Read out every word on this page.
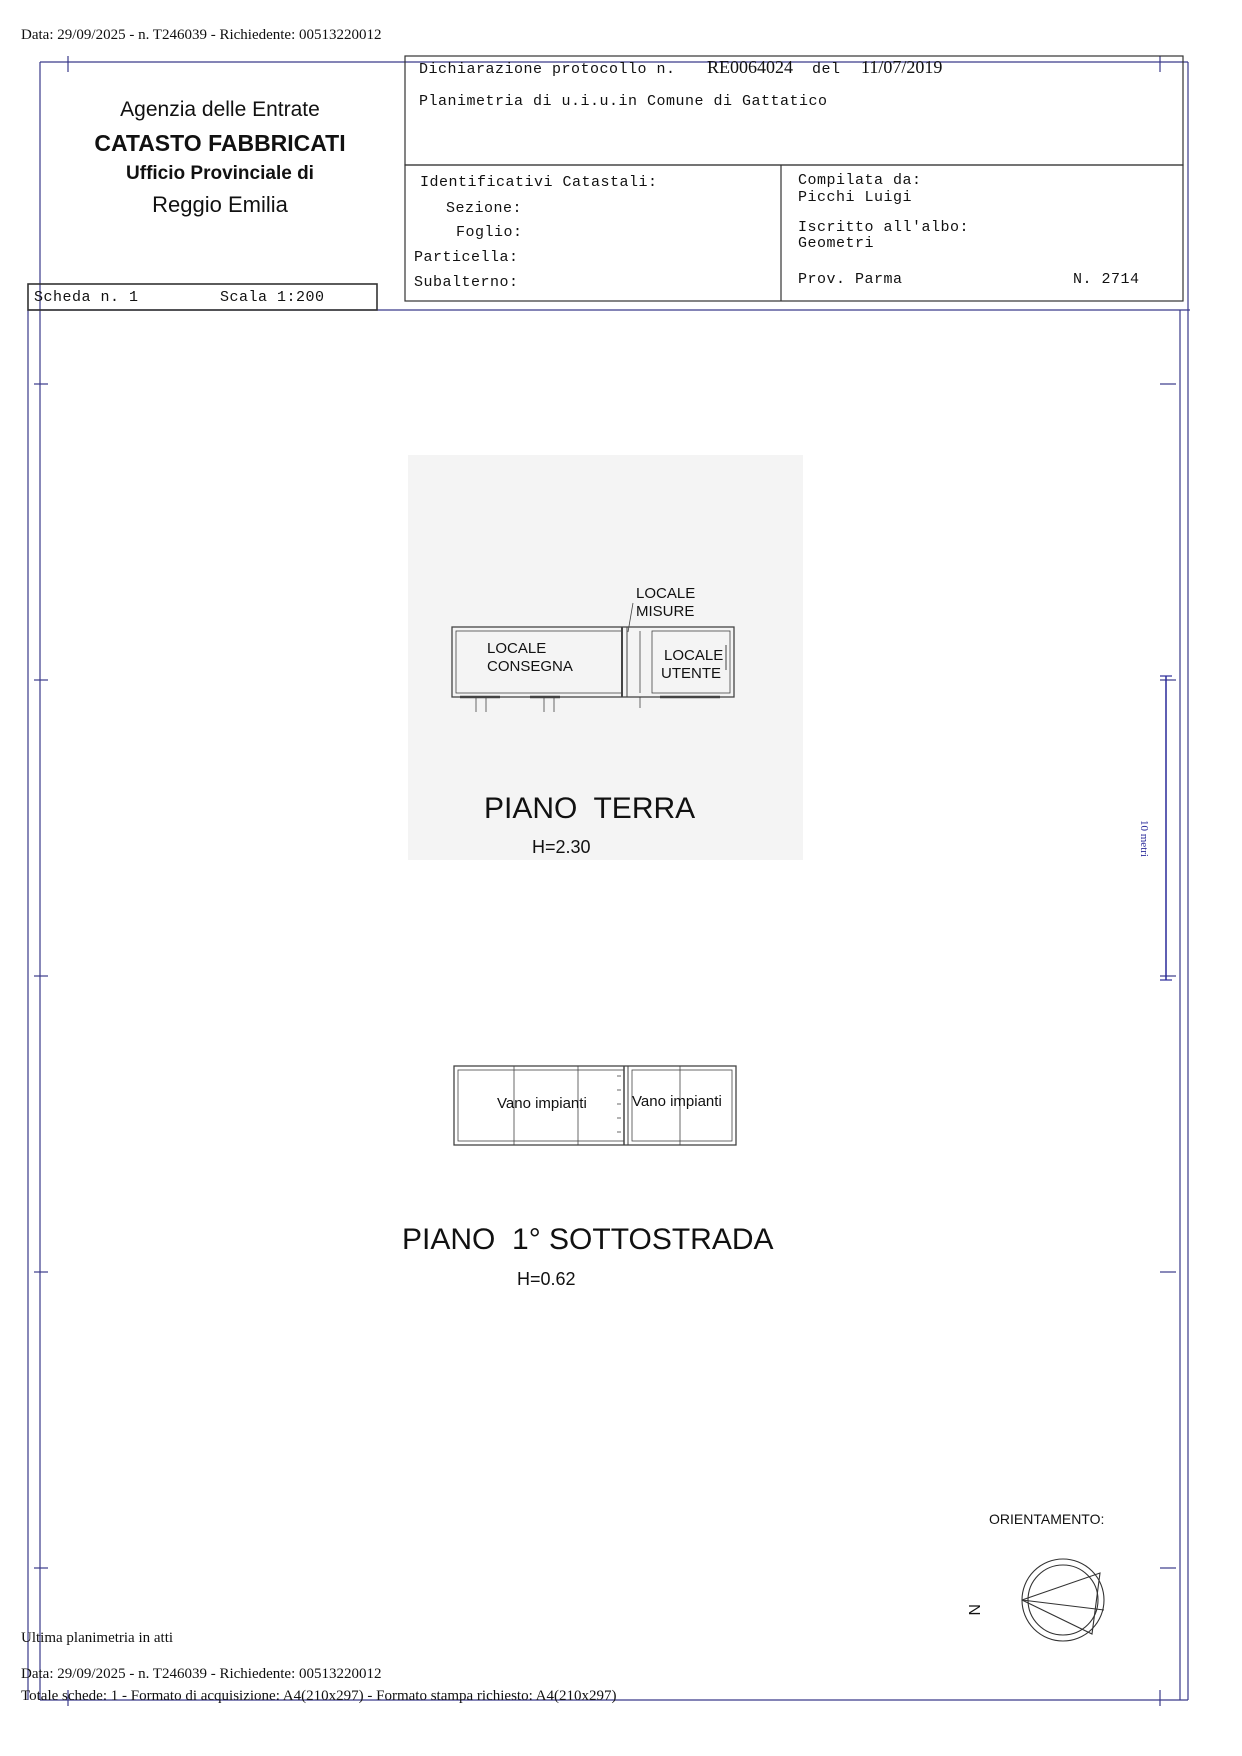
Data: 29/09/2025 - n. T246039 - Richiedente: 00513220012
Agenzia delle Entrate
CATASTO FABBRICATI
Ufficio Provinciale di
Reggio Emilia
Dichiarazione protocollo n. RE0064024 del 11/07/2019
Planimetria di u.i.u.in Comune di Gattatico
Identificativi Catastali:
Sezione:
Foglio:
Particella:
Subalterno:
Compilata da:
Picchi Luigi
Iscritto all'albo:
Geometri
Prov. Parma	N. 2714
Scheda n. 1	Scala 1:200
LOCALE
MISURE
LOCALE
CONSEGNA
LOCALE
UTENTE
PIANO  TERRA
H=2.30
Vano impianti	Vano impianti
PIANO  1° SOTTOSTRADA
H=0.62
10 metri
ORIENTAMENTO:
N
Ultima planimetria in atti
Data: 29/09/2025 - n. T246039 - Richiedente: 00513220012
Totale schede: 1 - Formato di acquisizione: A4(210x297) - Formato stampa richiesto: A4(210x297)
